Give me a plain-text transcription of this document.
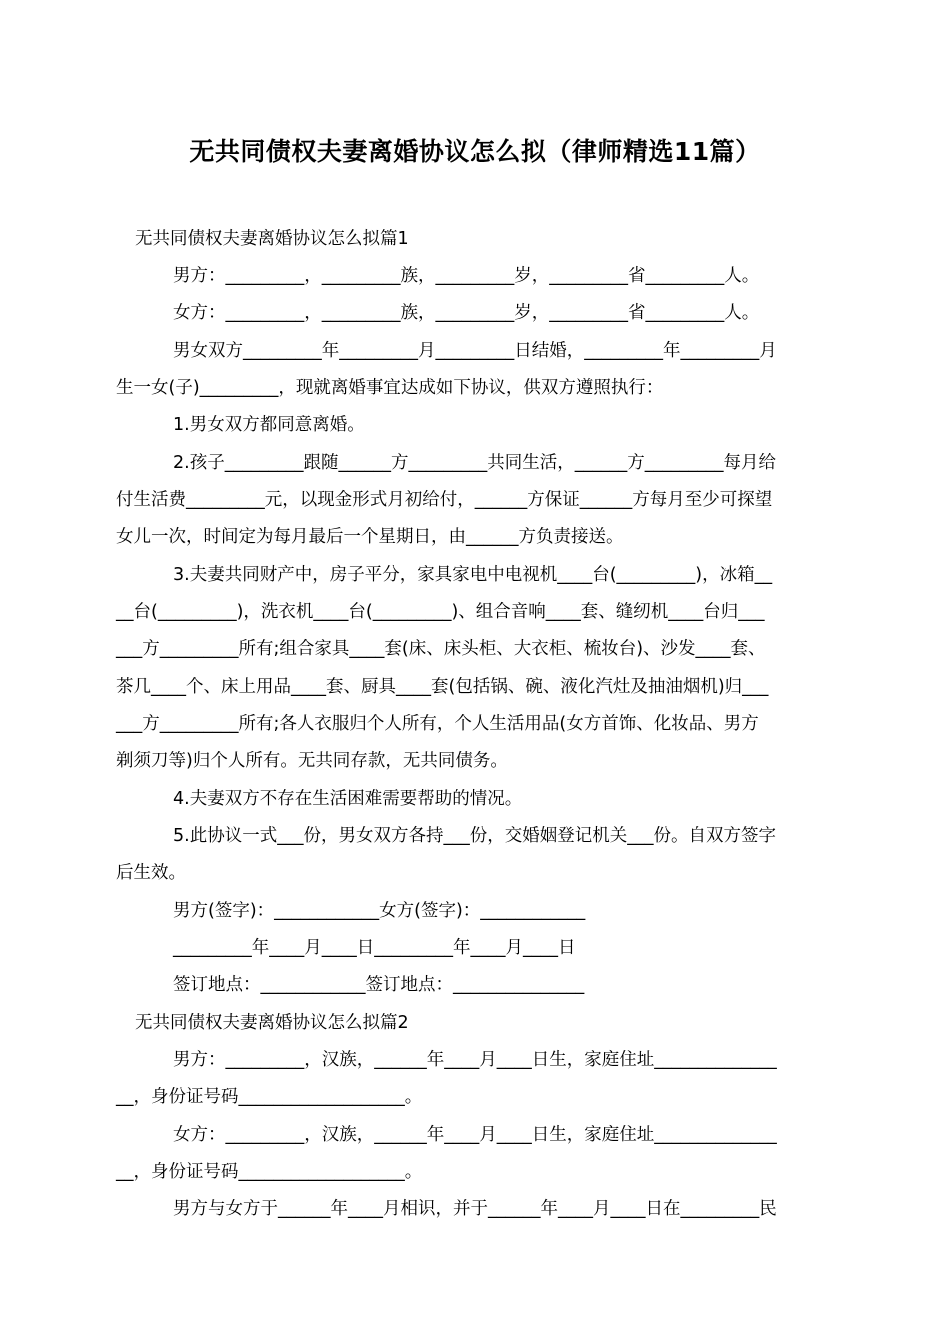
无共同债权夫妻离婚协议怎么拟（律师精选11篇）
无共同债权夫妻离婚协议怎么拟篇1
男方：_________，_________族，_________岁，_________省_________人。
女方：_________，_________族，_________岁，_________省_________人。
男女双方_________年_________月_________日结婚，_________年_________月
生一女(子)_________，现就离婚事宜达成如下协议，供双方遵照执行：
1.男女双方都同意离婚。
2.孩子_________跟随______方_________共同生活，______方_________每月给
付生活费_________元，以现金形式月初给付，______方保证______方每月至少可探望
女儿一次，时间定为每月最后一个星期日，由______方负责接送。
3.夫妻共同财产中，房子平分，家具家电中电视机____台(_________)，冰箱__
__台(_________)，洗衣机____台(_________)、组合音响____套、缝纫机____台归___
___方_________所有;组合家具____套(床、床头柜、大衣柜、梳妆台)、沙发____套、
茶几____个、床上用品____套、厨具____套(包括锅、碗、液化汽灶及抽油烟机)归___
___方_________所有;各人衣服归个人所有，个人生活用品(女方首饰、化妆品、男方
剃须刀等)归个人所有。无共同存款，无共同债务。
4.夫妻双方不存在生活困难需要帮助的情况。
5.此协议一式___份，男女双方各持___份，交婚姻登记机关___份。自双方签字
后生效。
男方(签字)：____________女方(签字)：____________
_________年____月____日_________年____月____日
签订地点：____________签订地点：_______________
无共同债权夫妻离婚协议怎么拟篇2
男方：_________，汉族，______年____月____日生，家庭住址______________
__，身份证号码___________________。
女方：_________，汉族，______年____月____日生，家庭住址______________
__，身份证号码___________________。
男方与女方于______年____月相识，并于______年____月____日在_________民
